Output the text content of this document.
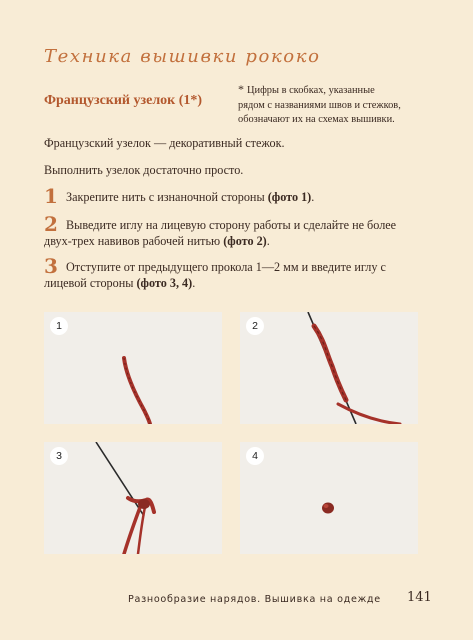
Техника вышивки рококо
Французский узелок (1*)
* Цифры в скобках, указанные
рядом с названиями швов и стежков,
обозначают их на схемах вышивки.
Французский узелок — декоративный стежок.
Выполнить узелок достаточно просто.
1 Закрепите нить с изнаночной стороны (фото 1).
2 Выведите иглу на лицевую сторону работы и сделайте не более двух-трех навивов рабочей нитью (фото 2).
3 Отступите от предыдущего прокола 1—2 мм и введите иглу с лицевой стороны (фото 3, 4).
1	2
3	4
Разнообразие нарядов. Вышивка на одежде 141
